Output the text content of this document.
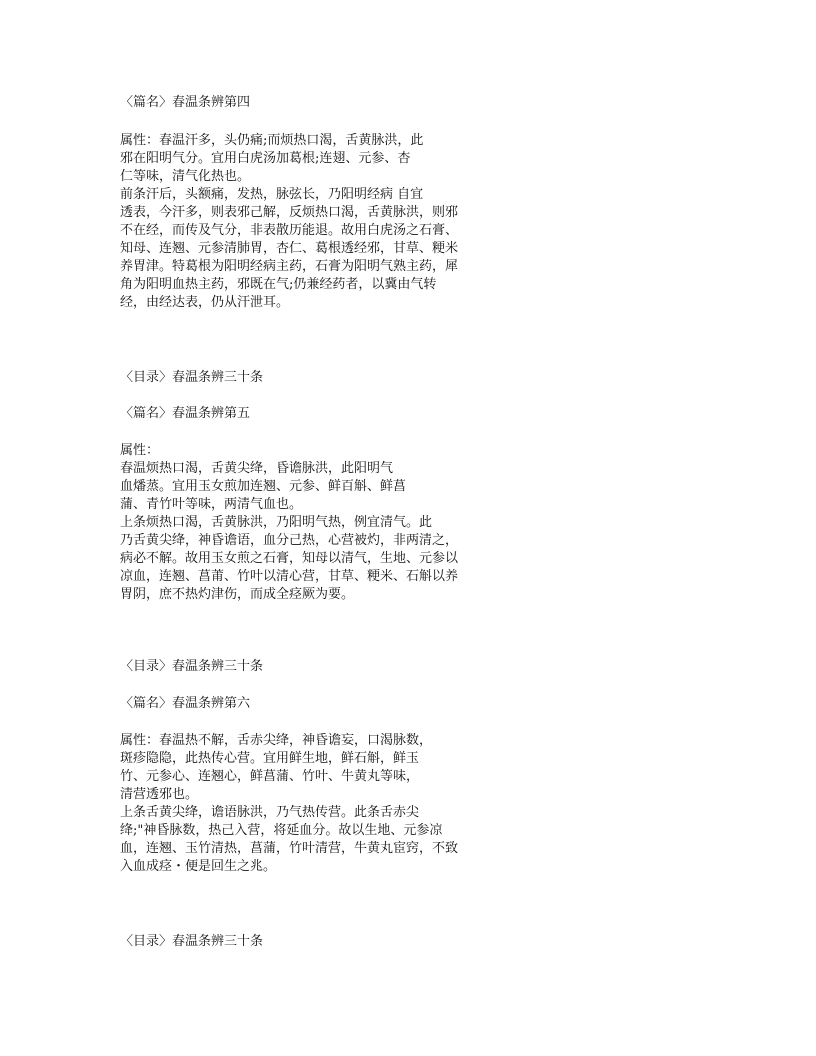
〈篇名〉春温条辨第四
属性：春温汗多，头仍痛;而烦热口渴，舌黄脉洪，此
邪在阳明气分。宜用白虎汤加葛根;连翅、元参、杏
仁等味，清气化热也。
前条汗后，头额痛，发热，脉弦长，乃阳明经病 自宜
透表，今汗多，则表邪己解，反烦热口渴，舌黄脉洪，则邪
不在经，而传及气分，非表散历能退。故用白虎汤之石膏、
知母、连翘、元参清肺胃，杏仁、葛根透经邪，甘草、粳米
养胃津。特葛根为阳明经病主药，石膏为阳明气熟主药，犀
角为阳明血热主药，邪既在气;仍兼经药者，以冀由气转
经，由经达表，仍从汗泄耳。
〈目录〉春温条辨三十条
〈篇名〉春温条辨第五
属性：
春温烦热口渴，舌黄尖绛，昏谵脉洪，此阳明气
血燔蒸。宜用玉女煎加连翘、元参、鲜百斛、鲜菖
蒲、青竹叶等味，两清气血也。
上条烦热口渴，舌黄脉洪，乃阳明气热，例宜清气。此
乃舌黄尖绛，神昏谵语，血分己热，心营被灼，非两清之，
病必不解。故用玉女煎之石膏，知母以清气，生地、元参以
凉血，连翘、菖莆、竹叶以清心营，甘草、粳米、石斛以养
胃阴，庶不热灼津伤，而成全痉厥为要。
〈目录〉春温条辨三十条
〈篇名〉春温条辨第六
属性：春温热不解，舌赤尖绛，神昏谵妄，口渴脉数，
斑疹隐隐，此热传心营。宜用鲜生地，鲜石斛，鲜玉
竹、元参心、连翘心，鲜菖蒲、竹叶、牛黄丸等味，
清营透邪也。
上条舌黄尖绛，谵语脉洪，乃气热传营。此条舌赤尖
绛;"神昏脉数，热己入营，将延血分。故以生地、元参凉
血，连翘、玉竹清热，菖蒲，竹叶清营，牛黄丸宦窍，不致
入血成痉・便是回生之兆。
〈目录〉春温条辨三十条
